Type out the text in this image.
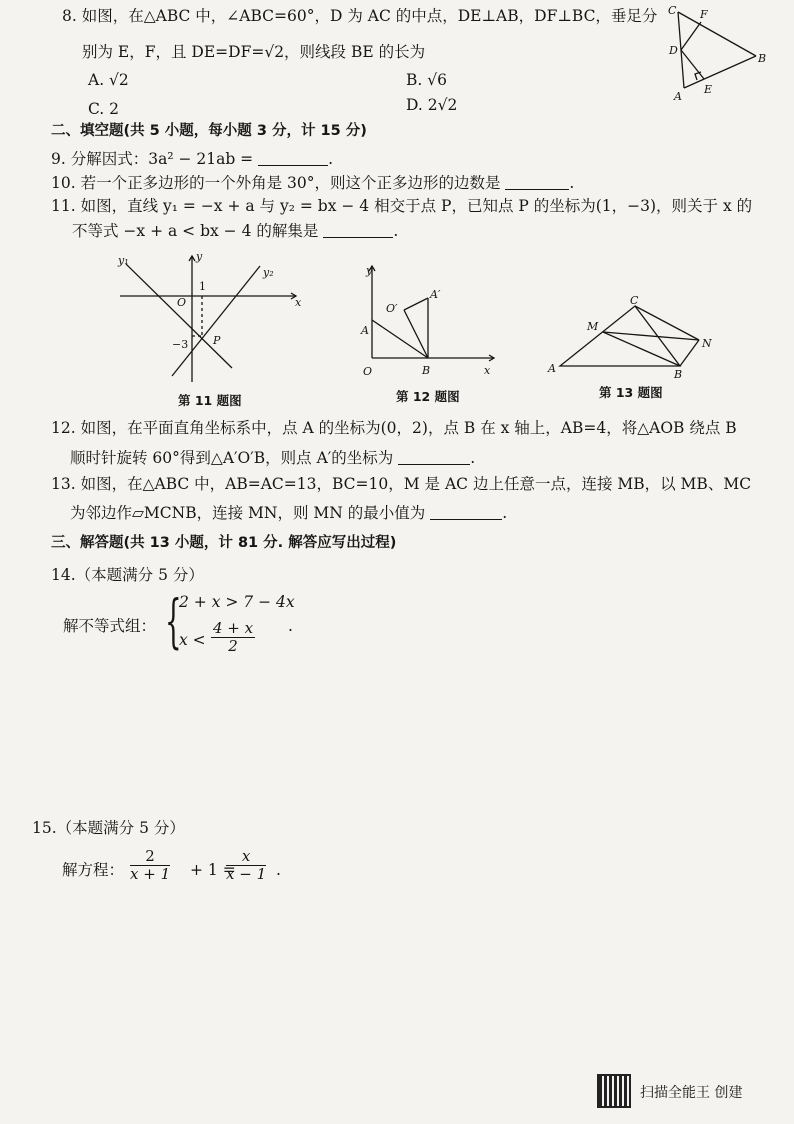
8. 如图，在△ABC 中，∠ABC=60°，D 为 AC 的中点，DE⊥AB，DF⊥BC，垂足分
别为 E，F，且 DE=DF=√2，则线段 BE 的长为
A. √2	B. √6
C. 2	D. 2√2
C F
D
B
A
E
二、填空题(共 5 小题，每小题 3 分，计 15 分)
9. 分解因式：3a² − 21ab =	.
10. 若一个正多边形的一个外角是 30°，则这个正多边形的边数是	.
11. 如图，直线 y₁ = −x + a 与 y₂ = bx − 4 相交于点 P，已知点 P 的坐标为(1，−3)，则关于 x 的
不等式 −x + a < bx − 4 的解集是	.
y₁	y
y₂
O
1
x
−3 P
第 11 题图
y
A′
O′
A
O	B	x
第 12 题图
C
M
N
A	B
第 13 题图
12. 如图，在平面直角坐标系中，点 A 的坐标为(0，2)，点 B 在 x 轴上，AB=4，将△AOB 绕点 B
顺时针旋转 60°得到△A′O′B，则点 A′的坐标为	.
13. 如图，在△ABC 中，AB=AC=13，BC=10，M 是 AC 边上任意一点，连接 MB，以 MB、MC
为邻边作▱MCNB，连接 MN，则 MN 的最小值为	.
三、解答题(共 13 小题，计 81 分. 解答应写出过程)
14.（本题满分 5 分）
解不等式组： {
2 + x > 7 − 4x
$x < \frac{4 + x}{2}$ .
15.（本题满分 5 分）
解方程： $\frac{2}{x + 1} + 1$ =
$\frac{x}{x - 1}$ .
扫描全能王 创建
